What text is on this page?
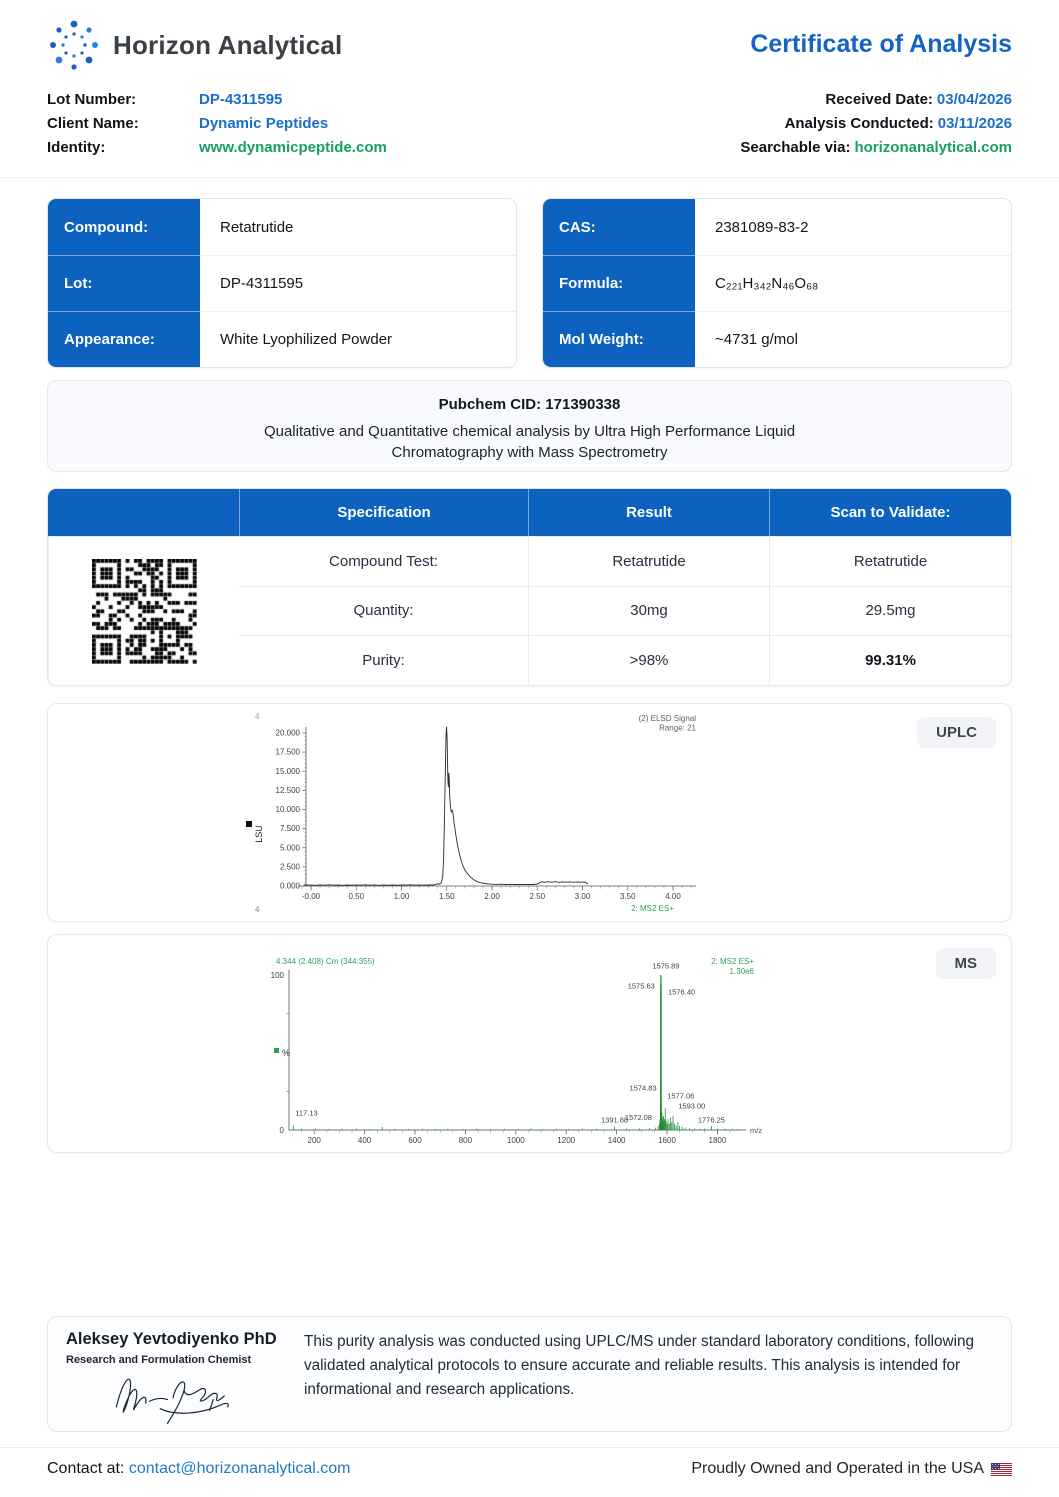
Horizon Analytical	Certificate of Analysis
Lot Number:	DP-4311595
Client Name:	Dynamic Peptides
Identity:	www.dynamicpeptide.com
Received Date: 03/04/2026
Analysis Conducted: 03/11/2026
Searchable via: horizonanalytical.com
Compound:	Retatrutide
Lot:	DP-4311595
Appearance:	White Lyophilized Powder
CAS:	2381089-83-2
Formula:	C₂₂₁H₃₄₂N₄₆O₆₈
Mol Weight:	~4731 g/mol
Pubchem CID: 171390338
Qualitative and Quantitative chemical analysis by Ultra High Performance Liquid Chromatography with Mass Spectrometry
Specification	Result	Scan to Validate:
Compound Test:	Retatrutide	Retatrutide
Quantity:	30mg	29.5mg
Purity:	>98%	99.31%
0.000
2.500
5.000
7.500
10.000
12.500
15.000
17.500
20.000
-0.00	0.50	1.00	1.50	2.00	2.50	3.00	3.50	4.00
(2) ELSD Signal
Range: 21
4
4	2: MS2 ES+
LSU
UPLC
200	400	600	800	1000	1200	1400	1600	1800
100
0
1575.89
1575.63
1576.40
1574.83
1577.06
1593.00
1572.08
1391.88	1776.25
117.13
4.344 (2.408) Cm (344:355)	2: MS2 ES+
1.30e6
%
m/z
MS
Aleksey Yevtodiyenko PhD
Research and Formulation Chemist
This purity analysis was conducted using UPLC/MS under standard laboratory conditions, following validated analytical protocols to ensure accurate and reliable results. This analysis is intended for informational and research applications.
Contact at: contact@horizonanalytical.com	Proudly Owned and Operated in the USA
